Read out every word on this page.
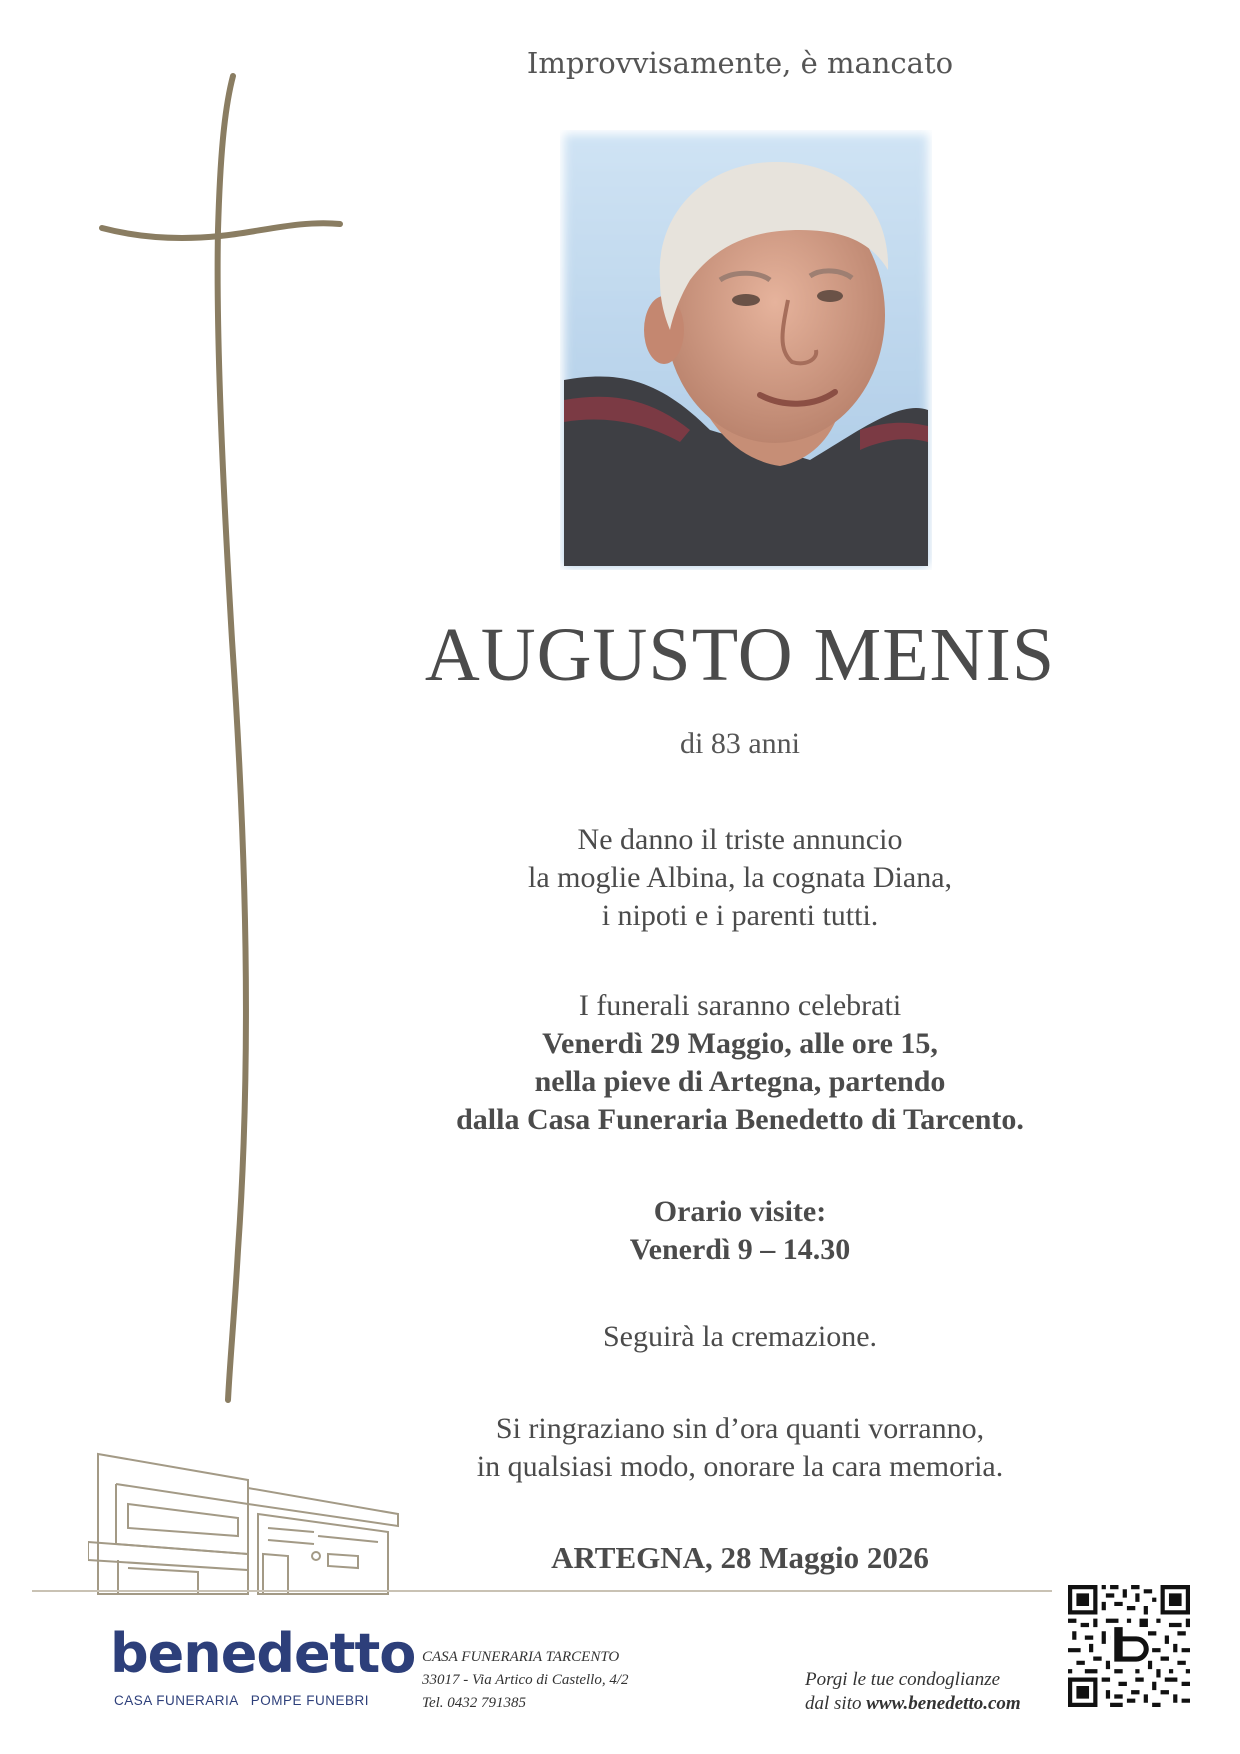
Improvvisamente, è mancato
AUGUSTO MENIS
di 83 anni
Ne danno il triste annuncio
la moglie Albina, la cognata Diana,
i nipoti e i parenti tutti.
I funerali saranno celebrati
Venerdì 29 Maggio, alle ore 15,
nella pieve di Artegna, partendo
dalla Casa Funeraria Benedetto di Tarcento.
Orario visite:
Venerdì 9 – 14.30
Seguirà la cremazione.
Si ringraziano sin d’ora quanti vorranno,
in qualsiasi modo, onorare la cara memoria.
ARTEGNA, 28 Maggio 2026
benedetto
CASA FUNERARIA   POMPE FUNEBRI
CASA FUNERARIA TARCENTO
33017 - Via Artico di Castello, 4/2
Tel. 0432 791385
Porgi le tue condoglianze
dal sito www.benedetto.com
